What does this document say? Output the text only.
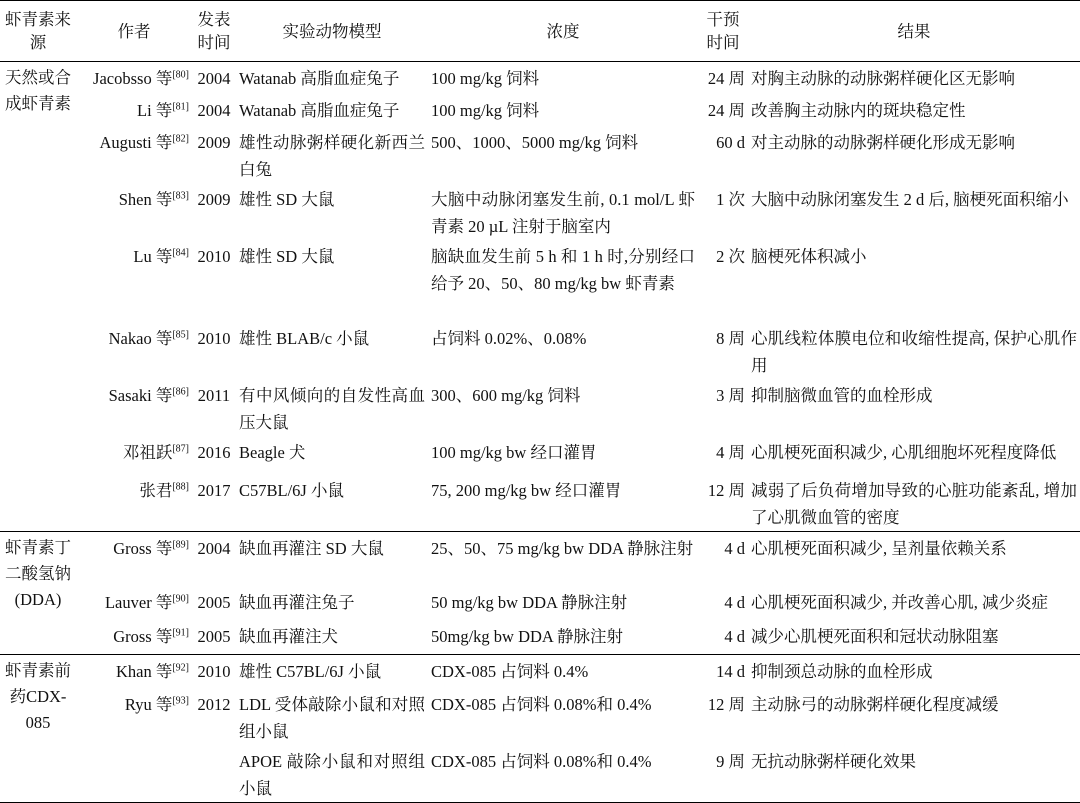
虾青素来源	作者	发表时间	实验动物模型	浓度	干预时间	结果
天然或合成虾青素	Jacobsso 等[80]	2004	Watanab 高脂血症兔子	100 mg/kg 饲料	24 周	对胸主动脉的动脉粥样硬化区无影响
	Li 等[81]	2004	Watanab 高脂血症兔子	100 mg/kg 饲料	24 周	改善胸主动脉内的斑块稳定性
	Augusti 等[82]	2009	雄性动脉粥样硬化新西兰白兔	500、1000、5000 mg/kg 饲料	60 d	对主动脉的动脉粥样硬化形成无影响
	Shen 等[83]	2009	雄性 SD 大鼠	大脑中动脉闭塞发生前, 0.1 mol/L 虾青素 20 µL 注射于脑室内	1 次	大脑中动脉闭塞发生 2 d 后, 脑梗死面积缩小
	Lu 等[84]	2010	雄性 SD 大鼠	脑缺血发生前 5 h 和 1 h 时,分别经口给予 20、50、80 mg/kg bw 虾青素	2 次	脑梗死体积减小
	Nakao 等[85]	2010	雄性 BLAB/c 小鼠	占饲料 0.02%、0.08%	8 周	心肌线粒体膜电位和收缩性提高, 保护心肌作用
	Sasaki 等[86]	2011	有中风倾向的自发性高血压大鼠	300、600 mg/kg 饲料	3 周	抑制脑微血管的血栓形成
	邓祖跃[87]	2016	Beagle 犬	100 mg/kg bw 经口灌胃	4 周	心肌梗死面积减少, 心肌细胞坏死程度降低
	张君[88]	2017	C57BL/6J 小鼠	75, 200 mg/kg bw 经口灌胃	12 周	减弱了后负荷增加导致的心脏功能紊乱, 增加了心肌微血管的密度
虾青素丁二酸氢钠(DDA)	Gross 等[89]	2004	缺血再灌注 SD 大鼠	25、50、75 mg/kg bw DDA 静脉注射	4 d	心肌梗死面积减少, 呈剂量依赖关系
	Lauver 等[90]	2005	缺血再灌注兔子	50 mg/kg bw DDA 静脉注射	4 d	心肌梗死面积减少, 并改善心肌, 减少炎症
	Gross 等[91]	2005	缺血再灌注犬	50mg/kg bw DDA 静脉注射	4 d	减少心肌梗死面积和冠状动脉阻塞
虾青素前药CDX-085	Khan 等[92]	2010	雄性 C57BL/6J 小鼠	CDX-085 占饲料 0.4%	14 d	抑制颈总动脉的血栓形成
	Ryu 等[93]	2012	LDL 受体敲除小鼠和对照组小鼠	CDX-085 占饲料 0.08%和 0.4%	12 周	主动脉弓的动脉粥样硬化程度减缓
			APOE 敲除小鼠和对照组小鼠	CDX-085 占饲料 0.08%和 0.4%	9 周	无抗动脉粥样硬化效果
